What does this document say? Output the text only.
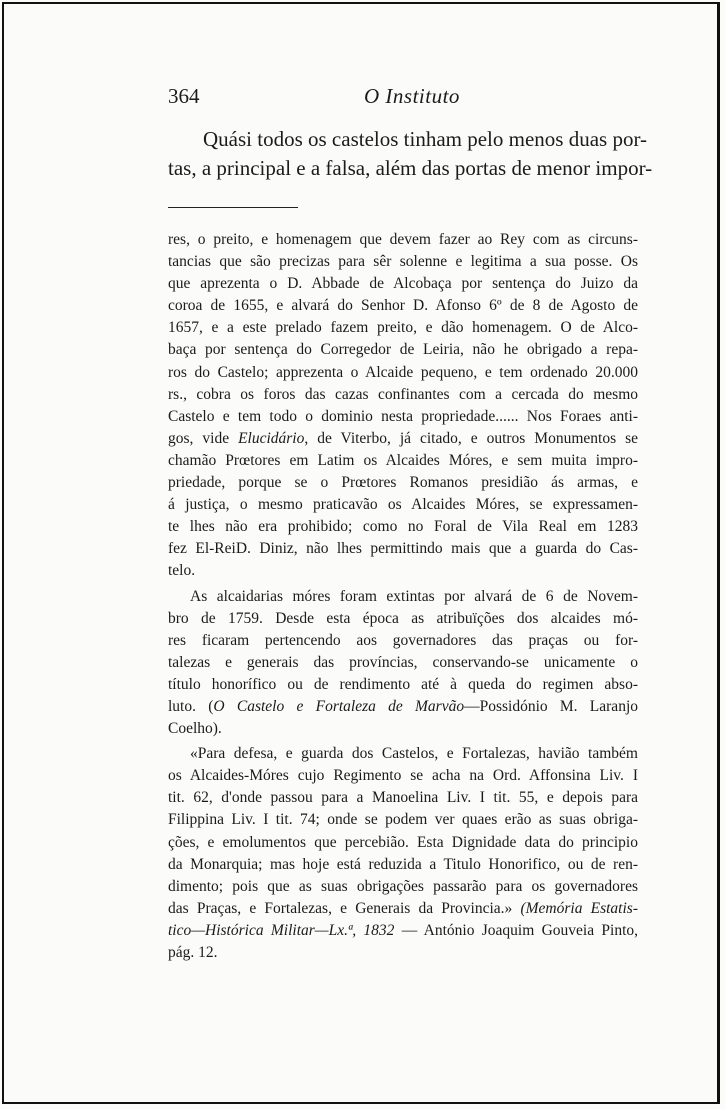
364	O Instituto

Quási todos os castelos tinham pelo menos duas por-
tas, a principal e a falsa, além das portas de menor impor-

res, o preito, e homenagem que devem fazer ao Rey com as circuns-
tancias que são precizas para sêr solenne e legitima a sua posse. Os
que aprezenta o D. Abbade de Alcobaça por sentença do Juizo da
coroa de 1655, e alvará do Senhor D. Afonso 6º de 8 de Agosto de
1657, e a este prelado fazem preito, e dão homenagem. O de Alco-
baça por sentença do Corregedor de Leiria, não he obrigado a repa-
ros do Castelo; apprezenta o Alcaide pequeno, e tem ordenado 20.000
rs., cobra os foros das cazas confinantes com a cercada do mesmo
Castelo e tem todo o dominio nesta propriedade...... Nos Foraes anti-
gos, vide Elucidário, de Viterbo, já citado, e outros Monumentos se
chamão Prœtores em Latim os Alcaides Móres, e sem muita impro-
priedade, porque se o Prœtores Romanos presidião ás armas, e
á justiça, o mesmo praticavão os Alcaides Móres, se expressamen-
te lhes não era prohibido; como no Foral de Vila Real em 1283
fez El-ReiD. Diniz, não lhes permittindo mais que a guarda do Cas-
telo.

As alcaidarias móres foram extintas por alvará de 6 de Novem-
bro de 1759. Desde esta época as atribuïções dos alcaides mó-
res ficaram pertencendo aos governadores das praças ou for-
talezas e generais das províncias, conservando-se unicamente o
título honorífico ou de rendimento até à queda do regimen abso-
luto. (O Castelo e Fortaleza de Marvão—Possidónio M. Laranjo
Coelho).

«Para defesa, e guarda dos Castelos, e Fortalezas, havião também
os Alcaides-Móres cujo Regimento se acha na Ord. Affonsina Liv. I
tit. 62, d'onde passou para a Manoelina Liv. I tit. 55, e depois para
Filippina Liv. I tit. 74; onde se podem ver quaes erão as suas obriga-
ções, e emolumentos que percebião. Esta Dignidade data do principio
da Monarquia; mas hoje está reduzida a Titulo Honorifico, ou de ren-
dimento; pois que as suas obrigações passarão para os governadores
das Praças, e Fortalezas, e Generais da Provincia.» (Memória Estatis-
tico—Histórica Militar—Lx.ª, 1832 — António Joaquim Gouveia Pinto,
pág. 12.
